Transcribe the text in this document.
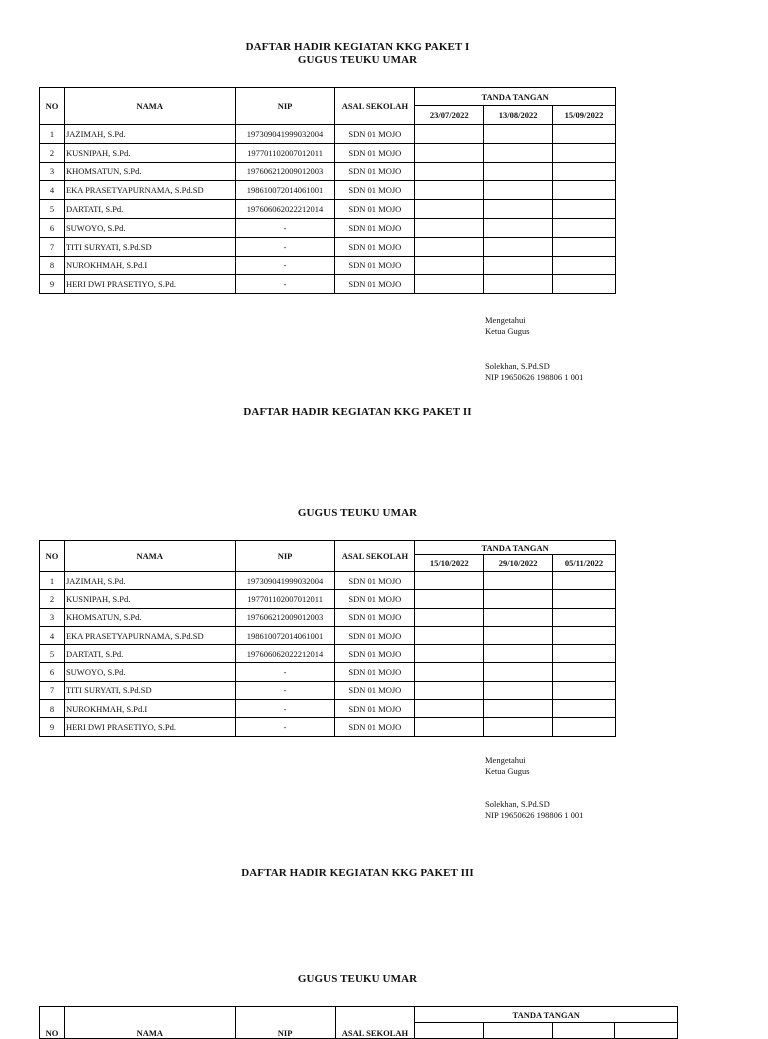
DAFTAR HADIR KEGIATAN KKG PAKET I
GUGUS TEUKU UMAR
NO	NAMA	NIP	ASAL SEKOLAH	TANDA TANGAN		
				23/07/2022	13/08/2022	15/09/2022
1	JAZIMAH, S.Pd.	197309041999032004	SDN 01 MOJO			
2	KUSNIPAH, S.Pd.	197701102007012011	SDN 01 MOJO			
3	KHOMSATUN, S.Pd.	197606212009012003	SDN 01 MOJO			
4	EKA PRASETYAPURNAMA, S.Pd.SD	198610072014061001	SDN 01 MOJO			
5	DARTATI, S.Pd.	197606062022212014	SDN 01 MOJO			
6	SUWOYO, S.Pd.	-	SDN 01 MOJO			
7	TITI SURYATI, S.Pd.SD	-	SDN 01 MOJO			
8	NUROKHMAH, S.Pd.I	-	SDN 01 MOJO			
9	HERI DWI PRASETIYO, S.Pd.	-	SDN 01 MOJO			
Mengetahui
Ketua Gugus
Solekhan, S.Pd.SD
NIP 19650626 198806 1 001
DAFTAR HADIR KEGIATAN KKG PAKET II
GUGUS TEUKU UMAR
NO	NAMA	NIP	ASAL SEKOLAH	TANDA TANGAN		
				15/10/2022	29/10/2022	05/11/2022
1	JAZIMAH, S.Pd.	197309041999032004	SDN 01 MOJO			
2	KUSNIPAH, S.Pd.	197701102007012011	SDN 01 MOJO			
3	KHOMSATUN, S.Pd.	197606212009012003	SDN 01 MOJO			
4	EKA PRASETYAPURNAMA, S.Pd.SD	198610072014061001	SDN 01 MOJO			
5	DARTATI, S.Pd.	197606062022212014	SDN 01 MOJO			
6	SUWOYO, S.Pd.	-	SDN 01 MOJO			
7	TITI SURYATI, S.Pd.SD	-	SDN 01 MOJO			
8	NUROKHMAH, S.Pd.I	-	SDN 01 MOJO			
9	HERI DWI PRASETIYO, S.Pd.	-	SDN 01 MOJO			
Mengetahui
Ketua Gugus
Solekhan, S.Pd.SD
NIP 19650626 198806 1 001
DAFTAR HADIR KEGIATAN KKG PAKET III
GUGUS TEUKU UMAR
NO	NAMA	NIP	ASAL SEKOLAH	TANDA TANGAN			
